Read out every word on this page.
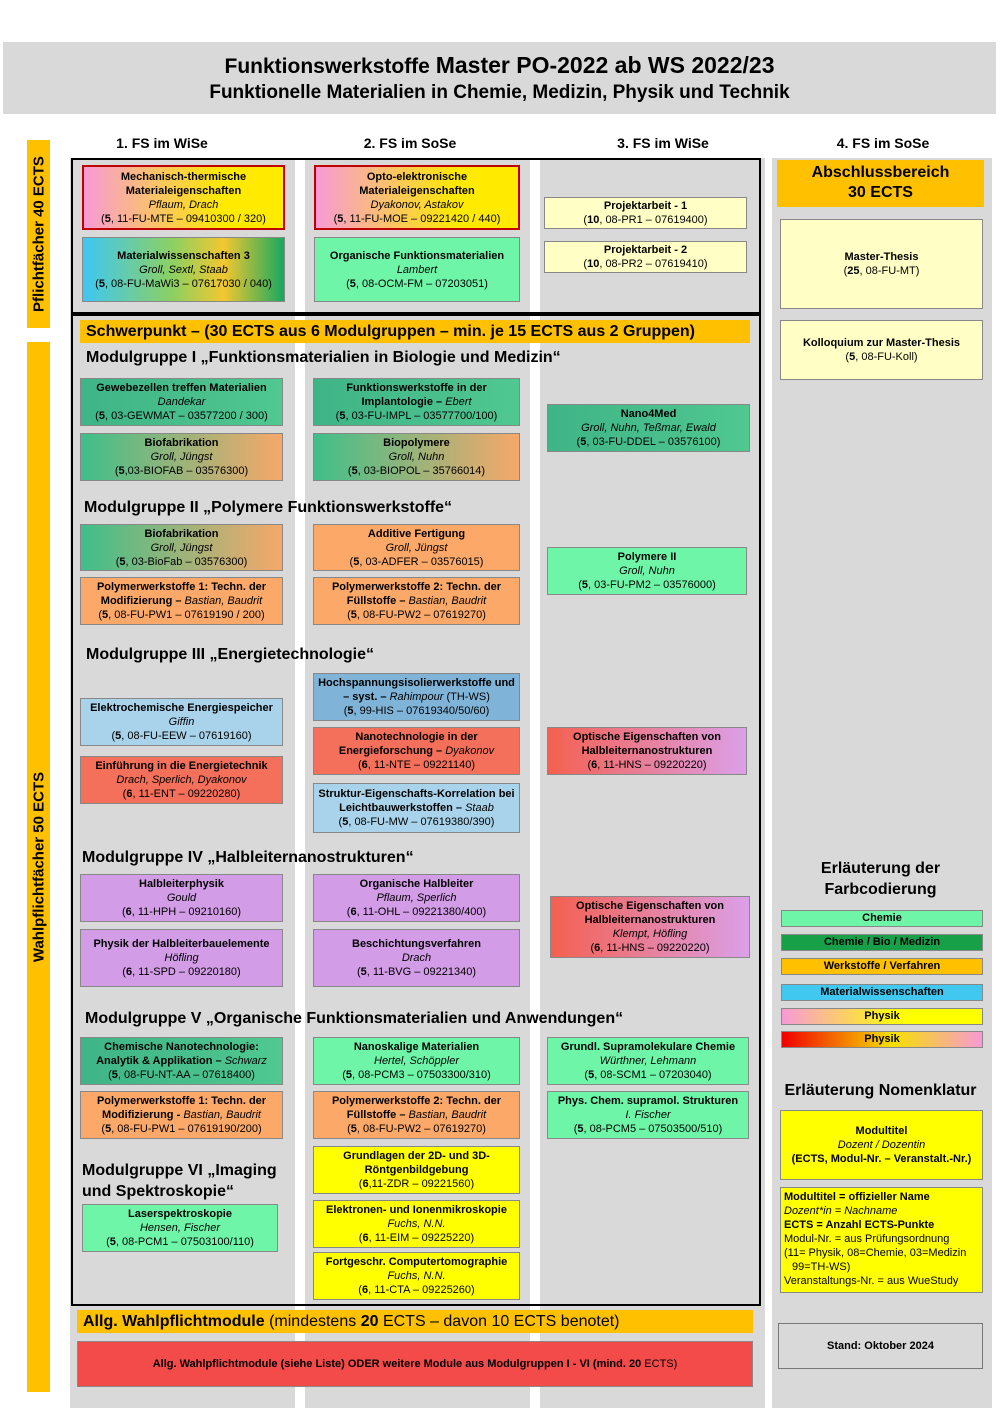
Funktionswerkstoffe Master PO-2022 ab WS 2022/23
Funktionelle Materialien in Chemie, Medizin, Physik und Technik
1. FS im WiSe	2. FS im SoSe	3. FS im WiSe	4. FS im SoSe
Pflichtfächer 40 ECTS
Wahlpflichtfächer 50 ECTS
Mechanisch-thermische Materialeigenschaften
Pflaum, Drach
(5, 11-FU-MTE – 09410300 / 320)
Opto-elektronische Materialeigenschaften
Dyakonov, Astakov
(5, 11-FU-MOE – 09221420 / 440)
Materialwissenschaften 3
Groll, Sextl, Staab
(5, 08-FU-MaWi3 – 07617030 / 040)
Organische Funktionsmaterialien
Lambert
(5, 08-OCM-FM – 07203051)
Projektarbeit - 1
(10, 08-PR1 – 07619400)
Projektarbeit - 2
(10, 08-PR2 – 07619410)
Abschlussbereich
30 ECTS
Master-Thesis
(25, 08-FU-MT)
Kolloquium zur Master-Thesis
(5, 08-FU-Koll)
Schwerpunkt – (30 ECTS aus 6 Modulgruppen – min. je 15 ECTS aus 2 Gruppen)
Modulgruppe I „Funktionsmaterialien in Biologie und Medizin“
Modulgruppe II „Polymere Funktionswerkstoffe“
Modulgruppe III „Energietechnologie“
Modulgruppe IV „Halbleiternanostrukturen“
Modulgruppe V „Organische Funktionsmaterialien und Anwendungen“
Modulgruppe VI „Imaging
und Spektroskopie“
Gewebezellen treffen Materialien
Dandekar
(5, 03-GEWMAT – 03577200 / 300)
Biofabrikation
Groll, Jüngst
(5,03-BIOFAB – 03576300)
Funktionswerkstoffe in der Implantologie – Ebert
(5, 03-FU-IMPL – 03577700/100)
Biopolymere
Groll, Nuhn
(5, 03-BIOPOL – 35766014)
Nano4Med
Groll, Nuhn, Teßmar, Ewald
(5, 03-FU-DDEL – 03576100)
Biofabrikation
Groll, Jüngst
(5, 03-BioFab – 03576300)
Additive Fertigung
Groll, Jüngst
(5, 03-ADFER – 03576015)	Polymere II
Groll, Nuhn
(5, 03-FU-PM2 – 03576000)
Polymerwerkstoffe 1: Techn. der Modifizierung – Bastian, Baudrit
(5, 08-FU-PW1 – 07619190 / 200)
Polymerwerkstoffe 2: Techn. der Füllstoffe – Bastian, Baudrit
(5, 08-FU-PW2 – 07619270)
Hochspannungsisolierwerkstoffe und – syst. – Rahimpour (TH-WS)
(5, 99-HIS – 07619340/50/60)
Elektrochemische Energiespeicher
Giffin
(5, 08-FU-EEW – 07619160)	Nanotechnologie in der Energieforschung – Dyakonov
(6, 11-NTE – 09221140)
Optische Eigenschaften von Halbleiternanostrukturen
(6, 11-HNS – 09220220)
Einführung in die Energietechnik
Drach, Sperlich, Dyakonov
(6, 11-ENT – 09220280)	Struktur-Eigenschafts-Korrelation bei Leichtbauwerkstoffen – Staab
(5, 08-FU-MW – 07619380/390)
Halbleiterphysik
Gould
(6, 11-HPH – 09210160)
Organische Halbleiter
Pflaum, Sperlich
(6, 11-OHL – 09221380/400)	Optische Eigenschaften von Halbleiternanostrukturen
Klempt, Höfling
(6, 11-HNS – 09220220)
Physik der Halbleiterbauelemente
Höfling
(6, 11-SPD – 09220180)
Beschichtungsverfahren
Drach
(5, 11-BVG – 09221340)
Chemische Nanotechnologie:
Analytik & Applikation – Schwarz
(5, 08-FU-NT-AA – 07618400)
Nanoskalige Materialien
Hertel, Schöppler
(5, 08-PCM3 – 07503300/310)
Grundl. Supramolekulare Chemie
Würthner, Lehmann
(5, 08-SCM1 – 07203040)
Polymerwerkstoffe 1: Techn. der Modifizierung - Bastian, Baudrit
(5, 08-FU-PW1 – 07619190/200)
Polymerwerkstoffe 2: Techn. der Füllstoffe – Bastian, Baudrit
(5, 08-FU-PW2 – 07619270)
Phys. Chem. supramol. Strukturen
I. Fischer
(5, 08-PCM5 – 07503500/510)
Grundlagen der 2D- und 3D-Röntgenbildgebung
(6,11-ZDR – 09221560)
Laserspektroskopie
Hensen, Fischer
(5, 08-PCM1 – 07503100/110)
Elektronen- und Ionenmikroskopie
Fuchs, N.N.
(6, 11-EIM – 09225220)
Fortgeschr. Computertomographie
Fuchs, N.N.
(6, 11-CTA – 09225260)
Allg. Wahlpflichtmodule (mindestens 20 ECTS – davon 10 ECTS benotet)
Allg. Wahlpflichtmodule (siehe Liste) ODER weitere Module aus Modulgruppen I - VI (mind. 20 ECTS)
Erläuterung der
Farbcodierung
Chemie
Chemie / Bio / Medizin
Werkstoffe / Verfahren
Materialwissenschaften
Physik
Physik
Erläuterung Nomenklatur
Modultitel
Dozent / Dozentin
(ECTS, Modul-Nr. – Veranstalt.-Nr.)
Modultitel = offizieller Name
Dozent*in = Nachname
ECTS = Anzahl ECTS-Punkte
Modul-Nr. = aus Prüfungsordnung
(11= Physik, 08=Chemie, 03=Medizin
99=TH-WS)
Veranstaltungs-Nr. = aus WueStudy
Stand: Oktober 2024
